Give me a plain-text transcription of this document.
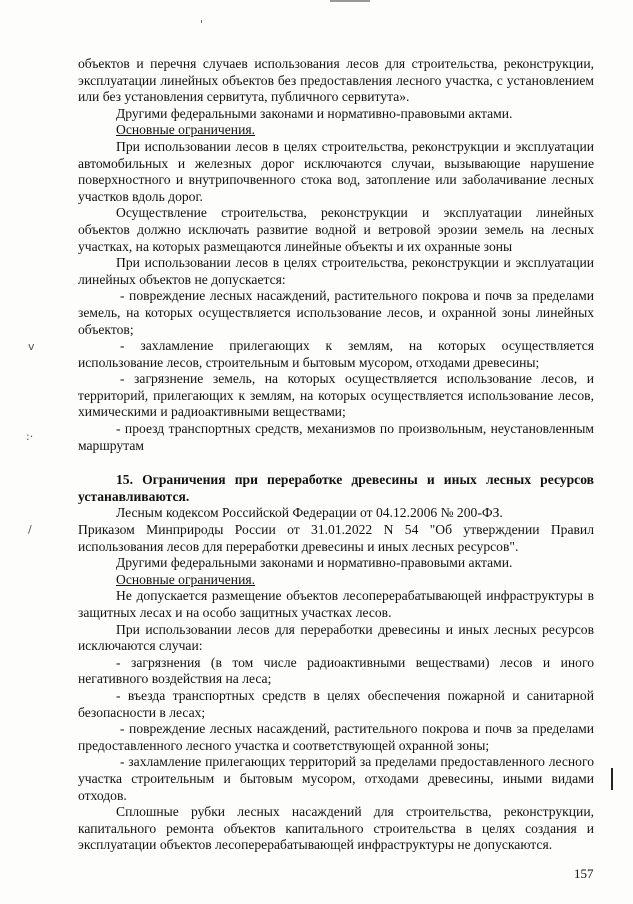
'
v
:·
/

объектов и перечня случаев использования лесов для строительства, реконструкции, эксплуатации линейных объектов без предоставления лесного участка, с установлением или без установления сервитута, публичного сервитута».

Другими федеральными законами и нормативно-правовыми актами.

Основные ограничения.

При использовании лесов в целях строительства, реконструкции и эксплуатации автомобильных и железных дорог исключаются случаи, вызывающие нарушение поверхностного и внутрипочвенного стока вод, затопление или заболачивание лесных участков вдоль дорог.

Осуществление строительства, реконструкции и эксплуатации линейных объектов должно исключать развитие водной и ветровой эрозии земель на лесных участках, на которых размещаются линейные объекты и их охранные зоны

При использовании лесов в целях строительства, реконструкции и эксплуатации линейных объектов не допускается:

- повреждение лесных насаждений, растительного покрова и почв за пределами земель, на которых осуществляется использование лесов, и охранной зоны линейных объектов;

- захламление прилегающих к землям, на которых осуществляется использование лесов, строительным и бытовым мусором, отходами древесины;

- загрязнение земель, на которых осуществляется использование лесов, и территорий, прилегающих к землям, на которых осуществляется использование лесов, химическими и радиоактивными веществами;

- проезд транспортных средств, механизмов по произвольным, неустановленным маршрутам

15. Ограничения при переработке древесины и иных лесных ресурсов устанавливаются.

Лесным кодексом Российской Федерации от 04.12.2006 № 200-ФЗ.

Приказом Минприроды России от 31.01.2022 N 54 "Об утверждении Правил использования лесов для переработки древесины и иных лесных ресурсов".

Другими федеральными законами и нормативно-правовыми актами.

Основные ограничения.

Не допускается размещение объектов лесоперерабатывающей инфраструктуры в защитных лесах и на особо защитных участках лесов.

При использовании лесов для переработки древесины и иных лесных ресурсов исключаются случаи:

- загрязнения (в том числе радиоактивными веществами) лесов и иного негативного воздействия на леса;

- въезда транспортных средств в целях обеспечения пожарной и санитарной безопасности в лесах;

- повреждение лесных насаждений, растительного покрова и почв за пределами предоставленного лесного участка и соответствующей охранной зоны;

- захламление прилегающих территорий за пределами предоставленного лесного участка строительным и бытовым мусором, отходами древесины, иными видами отходов.

Сплошные рубки лесных насаждений для строительства, реконструкции, капитального ремонта объектов капитального строительства в целях создания и эксплуатации объектов лесоперерабатывающей инфраструктуры не допускаются.

157
